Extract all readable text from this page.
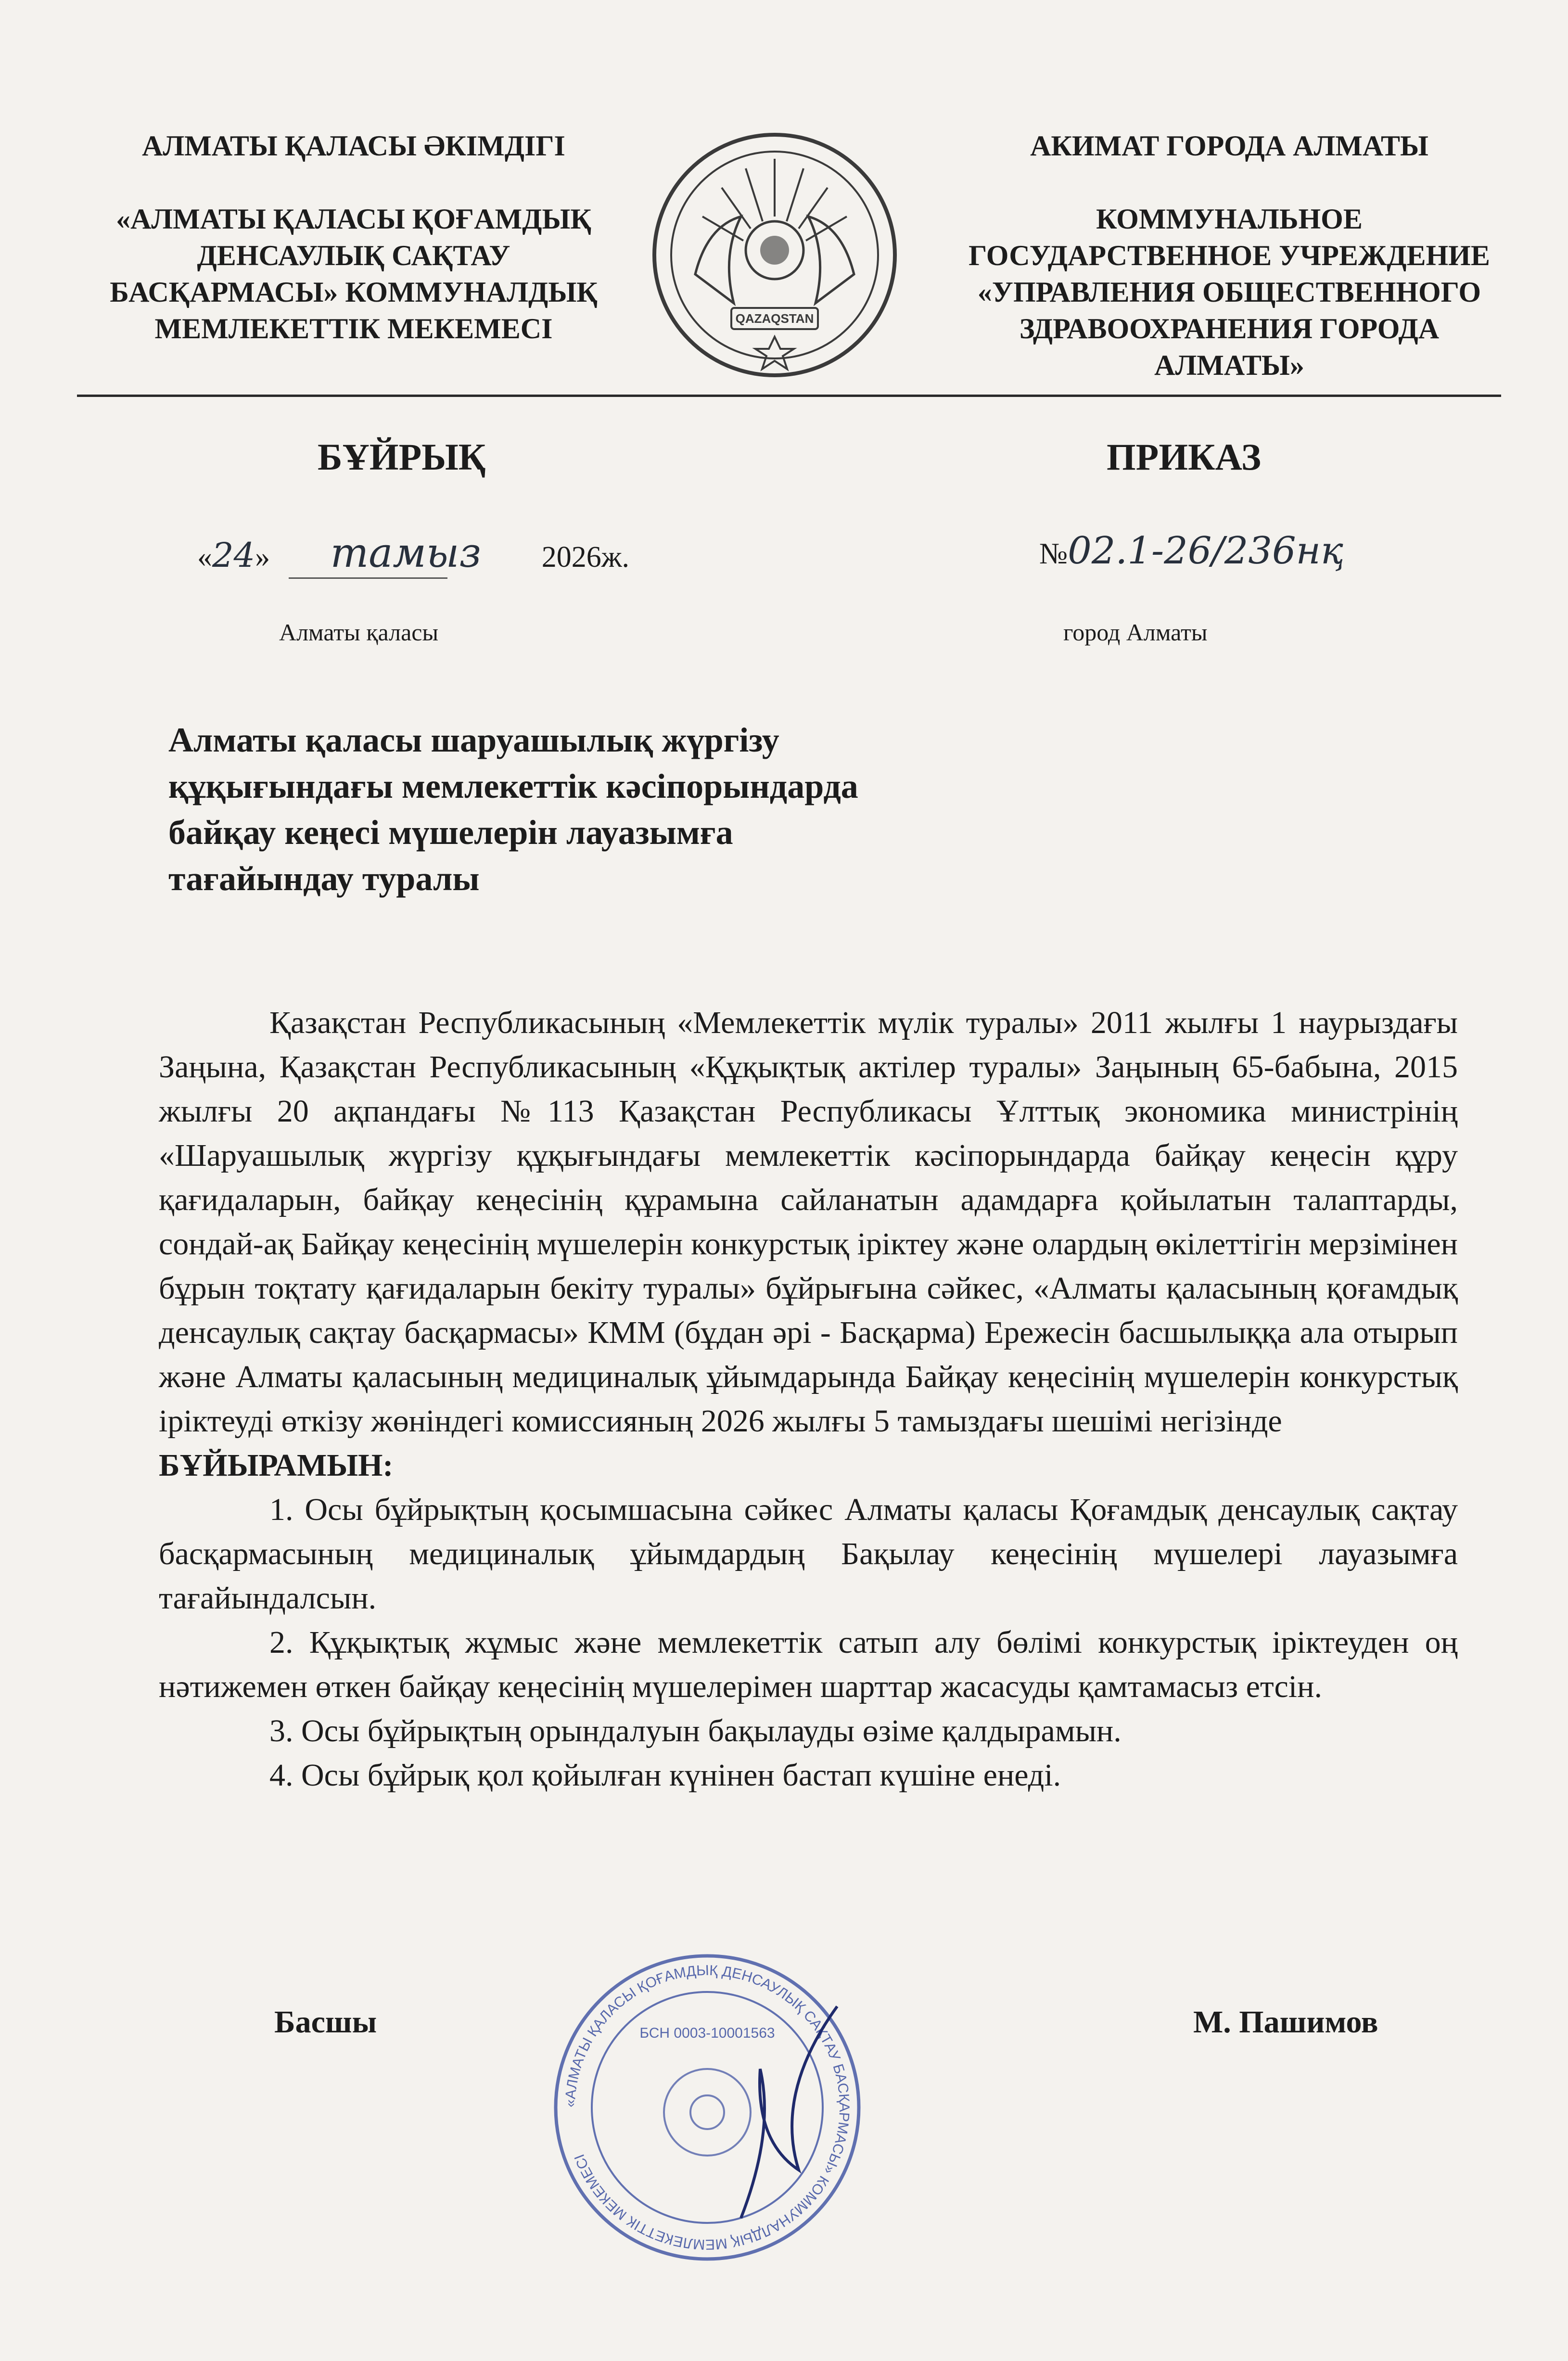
АЛМАТЫ ҚАЛАСЫ ӘКІМДІГІ
«АЛМАТЫ ҚАЛАСЫ ҚОҒАМДЫҚ
ДЕНСАУЛЫҚ САҚТАУ
БАСҚАРМАСЫ» КОММУНАЛДЫҚ
МЕМЛЕКЕТТІК МЕКЕМЕСІ	QAZAQSTAN
АКИМАТ ГОРОДА АЛМАТЫ
КОММУНАЛЬНОЕ
ГОСУДАРСТВЕННОЕ УЧРЕЖДЕНИЕ
«УПРАВЛЕНИЯ ОБЩЕСТВЕННОГО
ЗДРАВООХРАНЕНИЯ ГОРОДА
АЛМАТЫ»
БҰЙРЫҚ	ПРИКАЗ
«24» тамыз 2026ж.	№02.1-26/236нқ
Алматы қаласы	город Алматы
Алматы қаласы шаруашылық жүргізу
құқығындағы мемлекеттік кәсіпорындарда
байқау кеңесі мүшелерін лауазымға
тағайындау туралы

Қазақстан Республикасының «Мемлекеттік мүлік туралы» 2011 жылғы 1 наурыздағы Заңына, Қазақстан Республикасының «Құқықтық актілер туралы» Заңының 65-бабына, 2015 жылғы 20 ақпандағы №113 Қазақстан Республикасы Ұлттық экономика министрінің «Шаруашылық жүргізу құқығындағы мемлекеттік кәсіпорындарда байқау кеңесін құру қағидаларын, байқау кеңесінің құрамына сайланатын адамдарға қойылатын талаптарды, сондай-ақ Байқау кеңесінің мүшелерін конкурстық іріктеу және олардың өкілеттігін мерзімінен бұрын тоқтату қағидаларын бекіту туралы» бұйрығына сәйкес, «Алматы қаласының қоғамдық денсаулық сақтау басқармасы» КММ (бұдан әрі - Басқарма) Ережесін басшылыққа ала отырып және Алматы қаласының медициналық ұйымдарында Байқау кеңесінің мүшелерін конкурстық іріктеуді өткізу жөніндегі комиссияның 2026 жылғы 5 тамыздағы шешімі негізінде

БҰЙЫРАМЫН:

1. Осы бұйрықтың қосымшасына сәйкес Алматы қаласы Қоғамдық денсаулық сақтау басқармасының медициналық ұйымдардың Бақылау кеңесінің мүшелері лауазымға тағайындалсын.

2. Құқықтық жұмыс және мемлекеттік сатып алу бөлімі конкурстық іріктеуден оң нәтижемен өткен байқау кеңесінің мүшелерімен шарттар жасасуды қамтамасыз етсін.

3. Осы бұйрықтың орындалуын бақылауды өзіме қалдырамын.

4. Осы бұйрық қол қойылған күнінен бастап күшіне енеді.

«АЛМАТЫ ҚАЛАСЫ ҚОҒАМДЫҚ ДЕНСАУЛЫҚ САҚТАУ БАСҚАРМАСЫ» КОММУНАЛДЫҚ МЕМЛЕКЕТТІК МЕКЕМЕСІ
БСН 0003-10001563
Басшы	М. Пашимов
